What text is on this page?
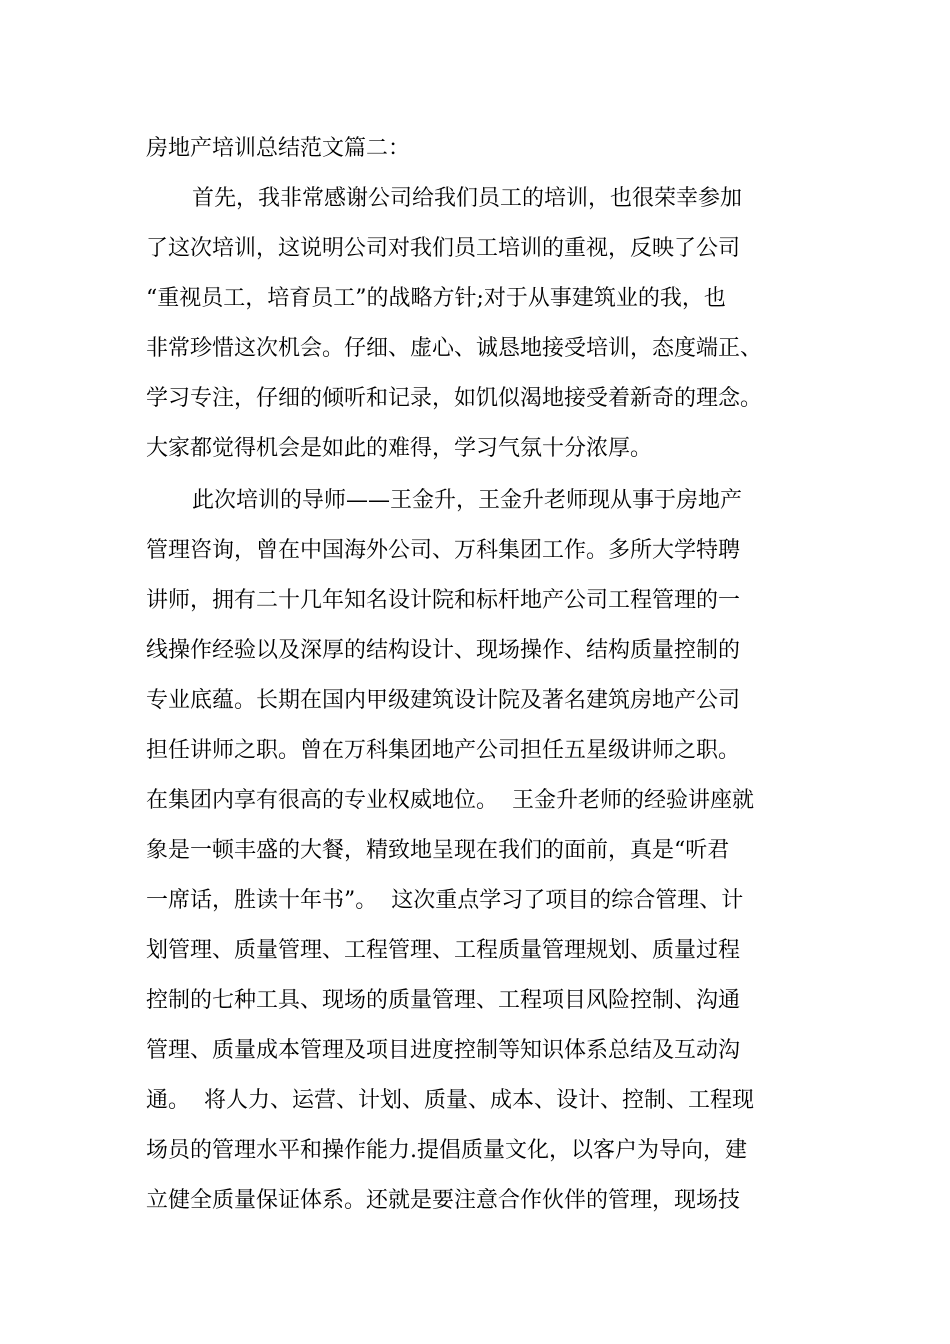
房地产培训总结范文篇二：
首先，我非常感谢公司给我们员工的培训，也很荣幸参加
了这次培训，这说明公司对我们员工培训的重视，反映了公司
“重视员工，培育员工”的战略方针;对于从事建筑业的我，也
非常珍惜这次机会。仔细、虚心、诚恳地接受培训，态度端正、
学习专注，仔细的倾听和记录，如饥似渴地接受着新奇的理念。
大家都觉得机会是如此的难得，学习气氛十分浓厚。
此次培训的导师——王金升，王金升老师现从事于房地产
管理咨询，曾在中国海外公司、万科集团工作。多所大学特聘
讲师，拥有二十几年知名设计院和标杆地产公司工程管理的一
线操作经验以及深厚的结构设计、现场操作、结构质量控制的
专业底蕴。长期在国内甲级建筑设计院及著名建筑房地产公司
担任讲师之职。曾在万科集团地产公司担任五星级讲师之职。
在集团内享有很高的专业权威地位。  王金升老师的经验讲座就
象是一顿丰盛的大餐，精致地呈现在我们的面前，真是“听君
一席话，胜读十年书”。  这次重点学习了项目的综合管理、计
划管理、质量管理、工程管理、工程质量管理规划、质量过程
控制的七种工具、现场的质量管理、工程项目风险控制、沟通
管理、质量成本管理及项目进度控制等知识体系总结及互动沟
通。  将人力、运营、计划、质量、成本、设计、控制、工程现
场员的管理水平和操作能力.提倡质量文化，以客户为导向，建
立健全质量保证体系。还就是要注意合作伙伴的管理，现场技
